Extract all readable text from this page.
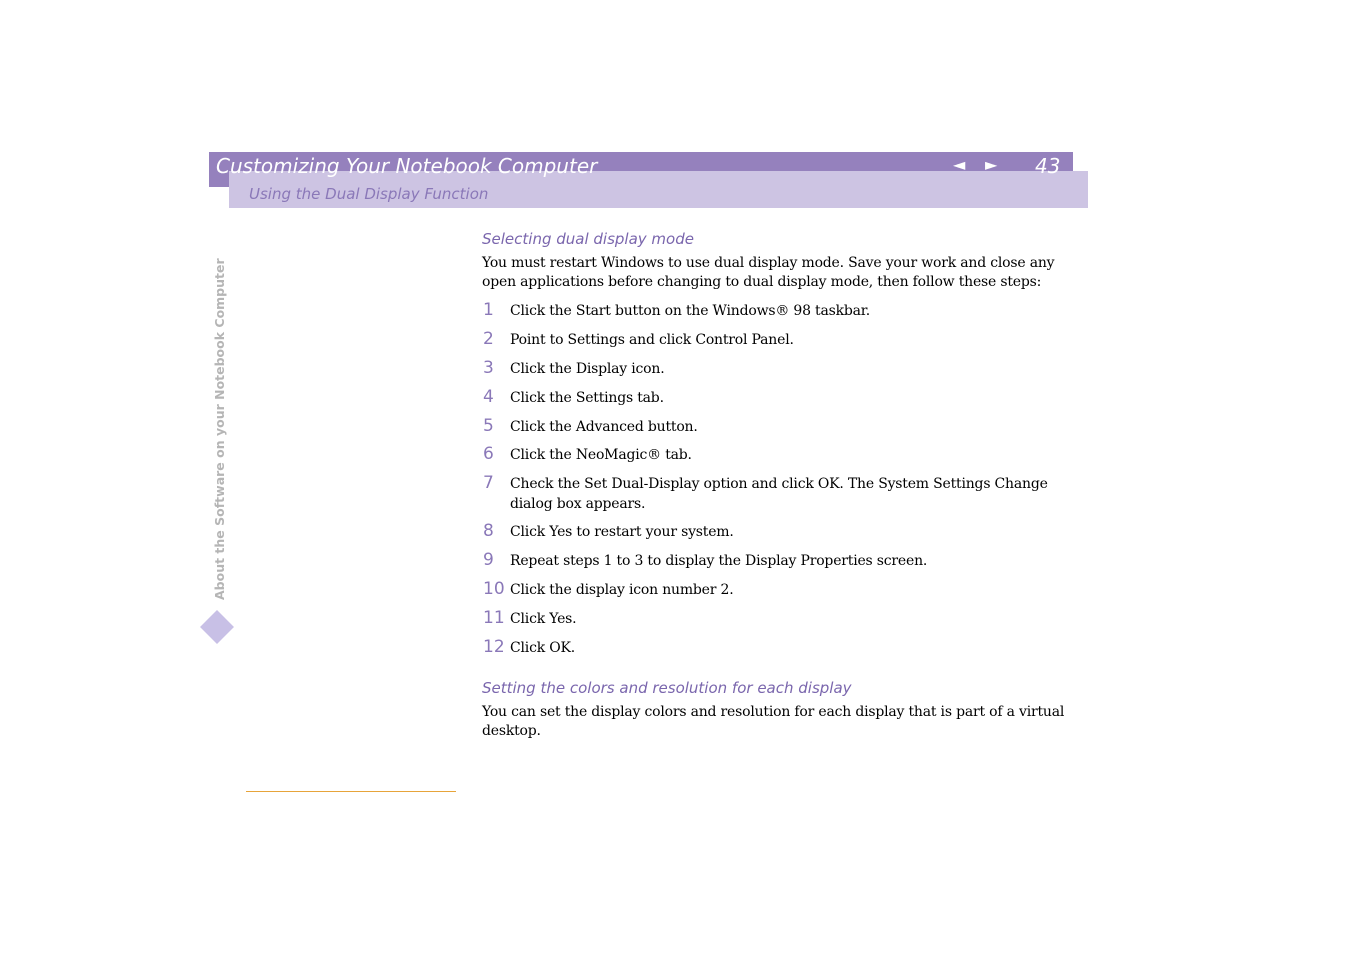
Customizing Your Notebook Computer	◄ ► 43
Using the Dual Display Function
About the Software on your Notebook Computer
Selecting dual display mode
You must restart Windows to use dual display mode. Save your work and close any open applications before changing to dual display mode, then follow these steps:
1 Click the Start button on the Windows® 98 taskbar.
2 Point to Settings and click Control Panel.
3 Click the Display icon.
4 Click the Settings tab.
5 Click the Advanced button.
6 Click the NeoMagic® tab.
7 Check the Set Dual-Display option and click OK. The System Settings Change dialog box appears.
8 Click Yes to restart your system.
9 Repeat steps 1 to 3 to display the Display Properties screen.
10 Click the display icon number 2.
11 Click Yes.
12 Click OK.
Setting the colors and resolution for each display
You can set the display colors and resolution for each display that is part of a virtual desktop.
